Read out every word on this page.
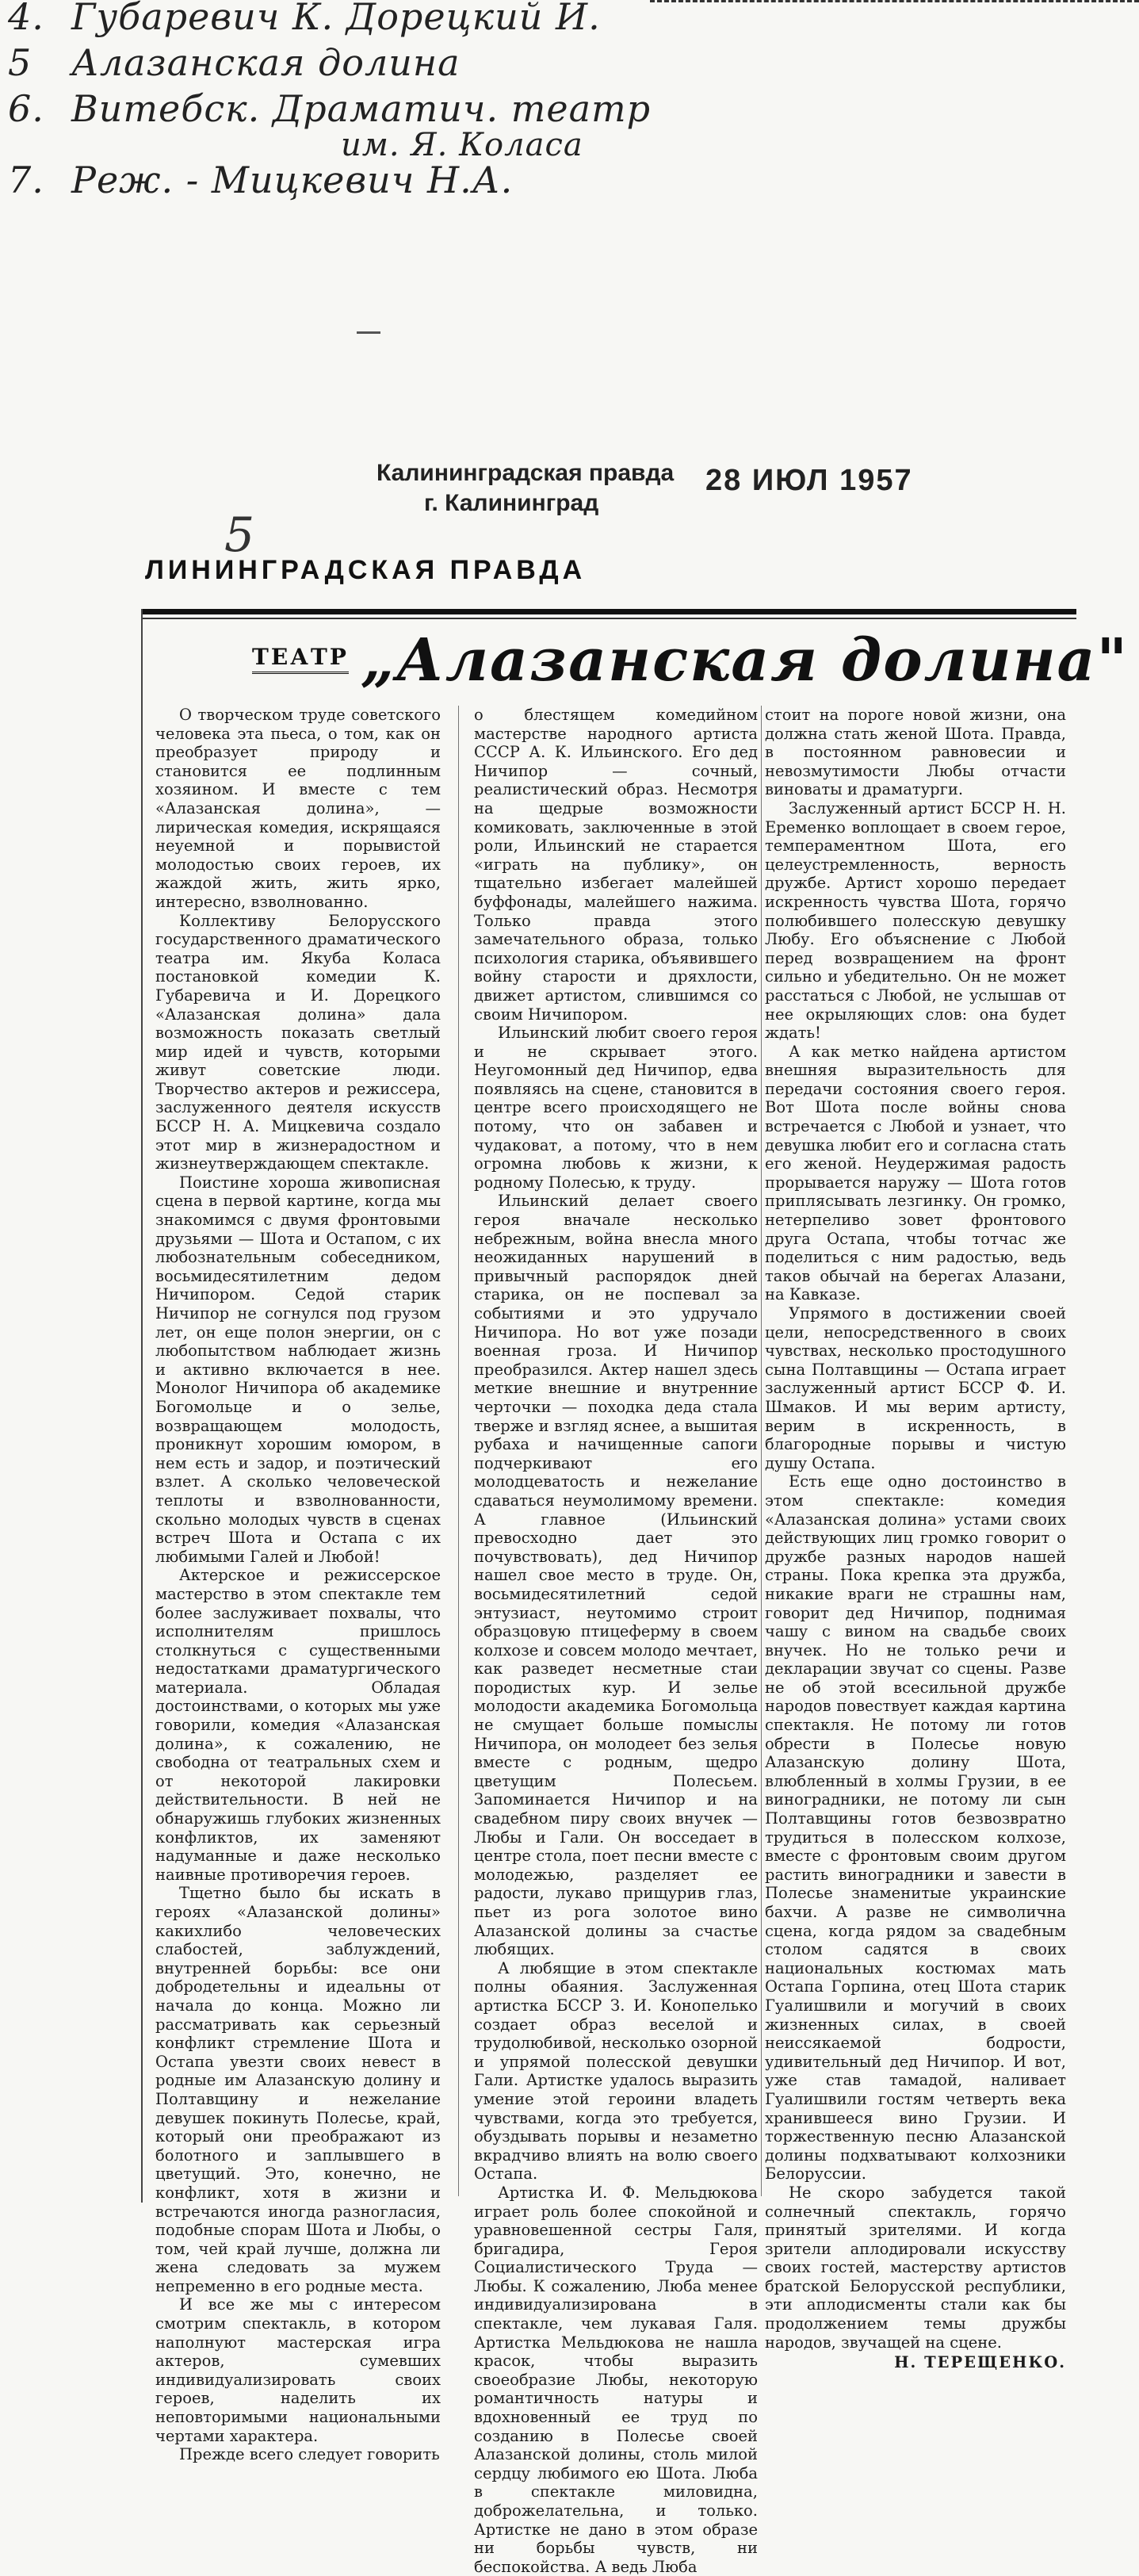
4. Губаревич К. Дорецкий И.
5 Алазанская долина
6. Витебск. Драматич. театр
им. Я. Коласа
7. Реж. - Мицкевич Н.А.
Калининградская правда
г. Калининград
28 ИЮЛ 1957
5
ЛИНИНГРАДСКАЯ ПРАВДА
ТЕАТР „Алазанская долина"

О творческом труде советского человека эта пьеса, о том, как он преобразует природу и становится ее подлинным хозяином. И вместе с тем «Алазанская долина», — лирическая комедия, искрящаяся неуемной и порывистой молодостью своих героев, их жаждой жить, жить ярко, интересно, взволнованно.

Коллективу Белорусского государственного драматического театра им. Якуба Коласа постановкой комедии К. Губаревича и И. Дорецкого «Алазанская долина» дала возможность показать светлый мир идей и чувств, которыми живут советские люди. Творчество актеров и режиссера, заслуженного деятеля искусств БССР Н. А. Мицкевича создало этот мир в жизнерадостном и жизнеутверждающем спектакле.

Поистине хороша живописная сцена в первой картине, когда мы знакомимся с двумя фронтовыми друзьями — Шота и Остапом, с их любознательным собеседником, восьмидесятилетним дедом Ничипором. Седой старик Ничипор не согнулся под грузом лет, он еще полон энергии, он с любопытством наблюдает жизнь и активно включается в нее. Монолог Ничипора об академике Богомольце и о зелье, возвращающем молодость, проникнут хорошим юмором, в нем есть и задор, и поэтический взлет. А сколько человеческой теплоты и взволнованности, скольно молодых чувств в сценах встреч Шота и Остапа с их любимыми Галей и Любой!

Актерское и режиссерское мастерство в этом спектакле тем более заслуживает похвалы, что исполнителям пришлось столкнуться с существенными недостатками драматургического материала. Обладая достоинствами, о которых мы уже говорили, комедия «Алазанская долина», к сожалению, не свободна от театральных схем и от некоторой лакировки действительности. В ней не обнаружишь глубоких жизненных конфликтов, их заменяют надуманные и даже несколько наивные противоречия героев.

Тщетно было бы искать в героях «Алазанской долины» какихлибо человеческих слабостей, заблуждений, внутренней борьбы: все они добродетельны и идеальны от начала до конца. Можно ли рассматривать как серьезный конфликт стремление Шота и Остапа увезти своих невест в родные им Алазанскую долину и Полтавщину и нежелание девушек покинуть Полесье, край, который они преображают из болотного и заплывшего в цветущий. Это, конечно, не конфликт, хотя в жизни и встречаются иногда разногласия, подобные спорам Шота и Любы, о том, чей край лучше, должна ли жена следовать за мужем непременно в его родные места.

И все же мы с интересом смотрим спектакль, в котором наполнуют мастерская игра актеров, сумевших индивидуализировать своих героев, наделить их неповторимыми национальными чертами характера.

Прежде всего следует говорить

о блестящем комедийном мастерстве народного артиста СССР А. К. Ильинского. Его дед Ничипор — сочный, реалистический образ. Несмотря на щедрые возможности комиковать, заключенные в этой роли, Ильинский не старается «играть на публику», он тщательно избегает малейшей буффонады, малейшего нажима. Только правда этого замечательного образа, только психология старика, объявившего войну старости и дряхлости, движет артистом, слившимся со своим Ничипором.

Ильинский любит своего героя и не скрывает этого. Неугомонный дед Ничипор, едва появляясь на сцене, становится в центре всего происходящего не потому, что он забавен и чудаковат, а потому, что в нем огромна любовь к жизни, к родному Полесью, к труду.

Ильинский делает своего героя вначале несколько небрежным, война внесла много неожиданных нарушений в привычный распорядок дней старика, он не поспевал за событиями и это удручало Ничипора. Но вот уже позади военная гроза. И Ничипор преобразился. Актер нашел здесь меткие внешние и внутренние черточки — походка деда стала тверже и взгляд яснее, а вышитая рубаха и начищенные сапоги подчеркивают его молодцеватость и нежелание сдаваться неумолимому времени. А главное (Ильинский превосходно дает это почувствовать), дед Ничипор нашел свое место в труде. Он, восьмидесятилетний седой энтузиаст, неутомимо строит образцовую птицеферму в своем колхозе и совсем молодо мечтает, как разведет несметные стаи породистых кур. И зелье молодости академика Богомольца не смущает больше помыслы Ничипора, он молодеет без зелья вместе с родным, щедро цветущим Полесьем. Запоминается Ничипор и на свадебном пиру своих внучек — Любы и Гали. Он восседает в центре стола, поет песни вместе с молодежью, разделяет ее радости, лукаво прищурив глаз, пьет из рога золотое вино Алазанской долины за счастье любящих.

А любящие в этом спектакле полны обаяния. Заслуженная артистка БССР З. И. Конопелько создает образ веселой и трудолюбивой, несколько озорной и упрямой полесской девушки Гали. Артистке удалось выразить умение этой героини владеть чувствами, когда это требуется, обуздывать порывы и незаметно вкрадчиво влиять на волю своего Остапа.

Артистка И. Ф. Мельдюкова играет роль более спокойной и уравновешенной сестры Галя, бригадира, Героя Социалистического Труда — Любы. К сожалению, Люба менее индивидуализирована в спектакле, чем лукавая Галя. Артистка Мельдюкова не нашла красок, чтобы выразить своеобразие Любы, некоторую романтичность натуры и вдохновенный ее труд по созданию в Полесье своей Алазанской долины, столь милой сердцу любимого ею Шота. Люба в спектакле миловидна, доброжелательна, и только. Артистке не дано в этом образе ни борьбы чувств, ни беспокойства. А ведь Люба

стоит на пороге новой жизни, она должна стать женой Шота. Правда, в постоянном равновесии и невозмутимости Любы отчасти виноваты и драматурги.

Заслуженный артист БССР Н. Н. Еременко воплощает в своем герое, темпераментном Шота, его целеустремленность, верность дружбе. Артист хорошо передает искренность чувства Шота, горячо полюбившего полесскую девушку Любу. Его объяснение с Любой перед возвращением на фронт сильно и убедительно. Он не может расстаться с Любой, не услышав от нее окрыляющих слов: она будет ждать!

А как метко найдена артистом внешняя выразительность для передачи состояния своего героя. Вот Шота после войны снова встречается с Любой и узнает, что девушка любит его и согласна стать его женой. Неудержимая радость прорывается наружу — Шота готов приплясывать лезгинку. Он громко, нетерпеливо зовет фронтового друга Остапа, чтобы тотчас же поделиться с ним радостью, ведь таков обычай на берегах Алазани, на Кавказе.

Упрямого в достижении своей цели, непосредственного в своих чувствах, несколько простодушного сына Полтавщины — Остапа играет заслуженный артист БССР Ф. И. Шмаков. И мы верим артисту, верим в искренность, в благородные порывы и чистую душу Остапа.

Есть еще одно достоинство в этом спектакле: комедия «Алазанская долина» устами своих действующих лиц громко говорит о дружбе разных народов нашей страны. Пока крепка эта дружба, никакие враги не страшны нам, говорит дед Ничипор, поднимая чашу с вином на свадьбе своих внучек. Но не только речи и декларации звучат со сцены. Разве не об этой всесильной дружбе народов повествует каждая картина спектакля. Не потому ли готов обрести в Полесье новую Алазанскую долину Шота, влюбленный в холмы Грузии, в ее виноградники, не потому ли сын Полтавщины готов безвозвратно трудиться в полесском колхозе, вместе с фронтовым своим другом растить виноградники и завести в Полесье знаменитые украинские бахчи. А разве не символична сцена, когда рядом за свадебным столом садятся в своих национальных костюмах мать Остапа Горпина, отец Шота старик Гуалишвили и могучий в своих жизненных силах, в своей неиссякаемой бодрости, удивительный дед Ничипор. И вот, уже став тамадой, наливает Гуалишвили гостям четверть века хранившееся вино Грузии. И торжественную песню Алазанской долины подхватывают колхозники Белоруссии.

Не скоро забудется такой солнечный спектакль, горячо принятый зрителями. И когда зрители аплодировали искусству своих гостей, мастерству артистов братской Белорусской республики, эти аплодисменты стали как бы продолжением темы дружбы народов, звучащей на сцене.

Н. ТЕРЕЩЕНКО.
